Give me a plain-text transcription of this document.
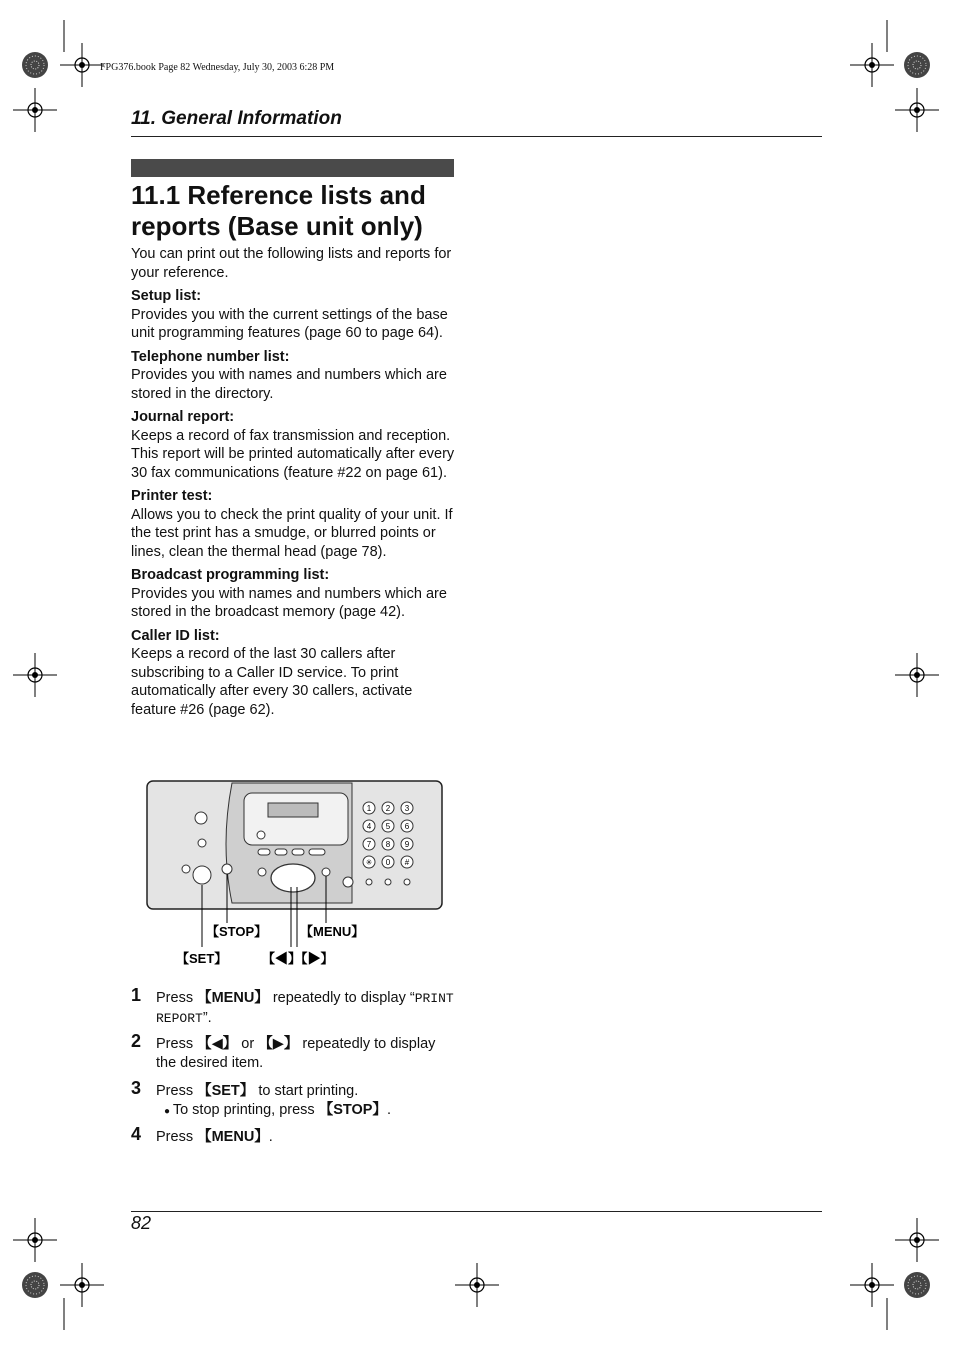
FPG376.book Page 82 Wednesday, July 30, 2003 6:28 PM
11. General Information
11.1 Reference lists and
reports (Base unit only)

You can print out the following lists and reports for your reference.

Setup list:

Provides you with the current settings of the base unit programming features (page 60 to page 64).

Telephone number list:

Provides you with names and numbers which are stored in the directory.

Journal report:

Keeps a record of fax transmission and reception. This report will be printed automatically after every 30 fax communications (feature #22 on page 61).

Printer test:

Allows you to check the print quality of your unit. If the test print has a smudge, or blurred points or lines, clean the thermal head (page 78).

Broadcast programming list:

Provides you with names and numbers which are stored in the broadcast memory (page 42).

Caller ID list:

Keeps a record of the last 30 callers after subscribing to a Caller ID service. To print automatically after every 30 callers, activate feature #26 (page 62).

1 2 3
4 5 6
7 8 9
✳ 0 #
【STOP】	【MENU】
【SET】	【◀】【▶】
1 Press 【MENU】 repeatedly to display “PRINT REPORT”.
2 Press 【◀】 or 【▶】 repeatedly to display the desired item.
3 Press 【SET】 to start printing.
● To stop printing, press 【STOP】.
4 Press 【MENU】.
82
